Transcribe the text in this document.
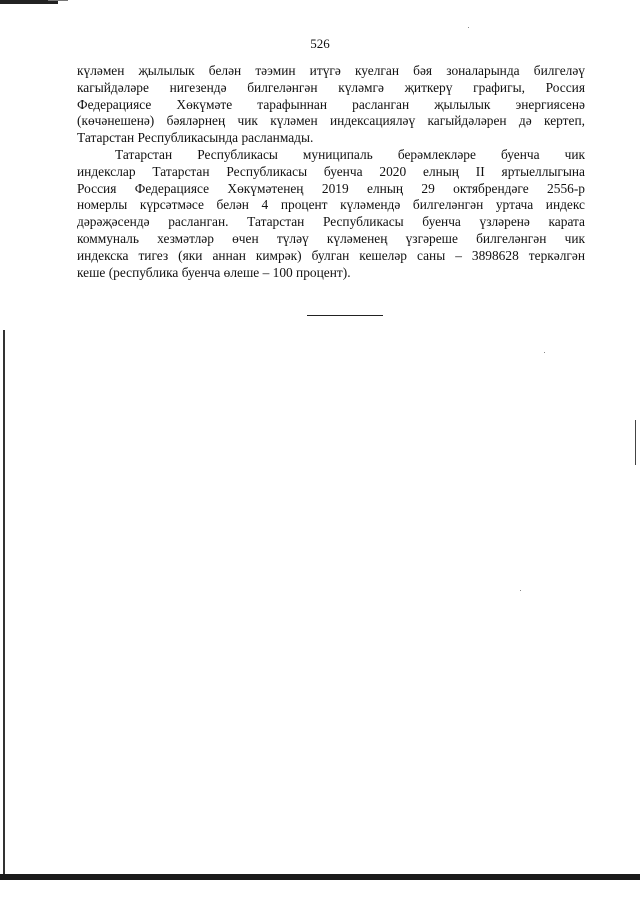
526
күләмен җылылык белән тәэмин итүгә куелган бәя зоналарында билгеләү
кагыйдәләре нигезендә билгеләнгән күләмгә җиткерү графигы, Россия
Федерациясе Хөкүмәте тарафыннан расланган җылылык энергиясенә
(көчәнешенә) бәяләрнең чик күләмен индексацияләү кагыйдәләрен дә кертеп,
Татарстан Республикасында расланмады.
Татарстан Республикасы муниципаль берәмлекләре буенча чик
индекслар Татарстан Республикасы буенча 2020 елның II яртыеллыгына
Россия Федерациясе Хөкүмәтенең 2019 елның 29 октябрендәге 2556-р
номерлы күрсәтмәсе белән 4 процент күләмендә билгеләнгән уртача индекс
дәрәҗәсендә расланган. Татарстан Республикасы буенча үзләренә карата
коммуналь хезмәтләр өчен түләү күләменең үзгәреше билгеләнгән чик
индекска тигез (яки аннан кимрәк) булган кешеләр саны – 3898628 теркәлгән
кеше (республика буенча өлеше – 100 процент).
